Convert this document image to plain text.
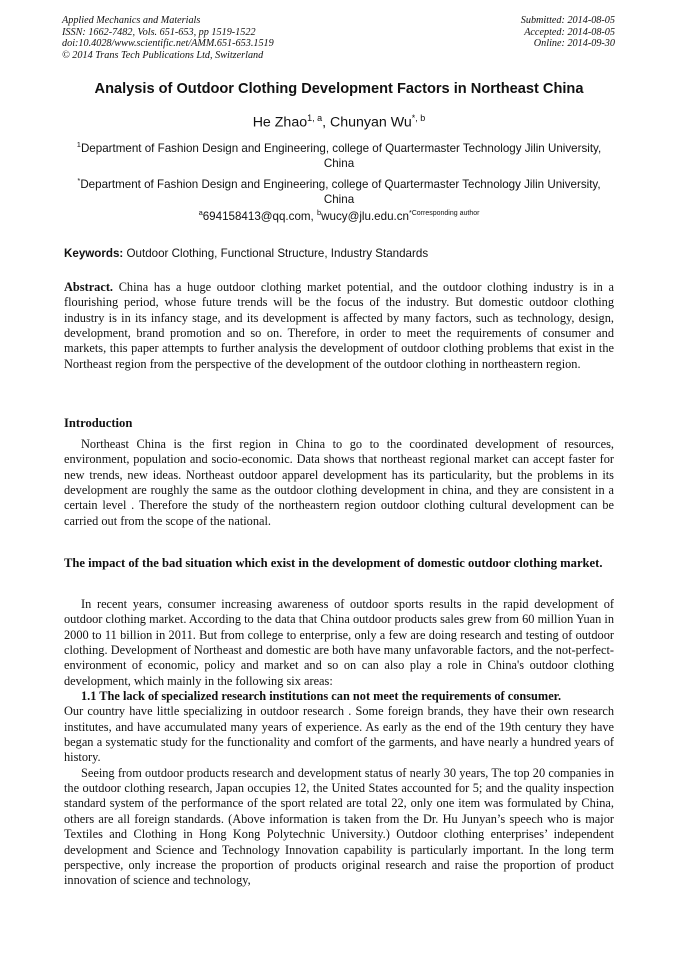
Applied Mechanics and Materials
ISSN: 1662-7482, Vols. 651-653, pp 1519-1522
doi:10.4028/www.scientific.net/AMM.651-653.1519
© 2014 Trans Tech Publications Ltd, Switzerland
Submitted: 2014-08-05
Accepted: 2014-08-05
Online: 2014-09-30
Analysis of Outdoor Clothing Development Factors in Northeast China
He Zhao$^{1, a}$, Chunyan $Wu^{*, b}$
$^1$Department of Fashion Design and Engineering, college of Quartermaster Technology Jilin University, China
*Department of Fashion Design and Engineering, college of Quartermaster Technology Jilin University, China
$^a$694158413@qq.com, $^bwucy@jlu.edu.cn^{*Corresponding author}$
Keywords: Outdoor Clothing, Functional Structure, Industry Standards

Abstract. China has a huge outdoor clothing market potential, and the outdoor clothing industry is in a flourishing period, whose future trends will be the focus of the industry. But domestic outdoor clothing industry is in its infancy stage, and its development is affected by many factors, such as technology, design, development, brand promotion and so on. Therefore, in order to meet the requirements of consumer and markets, this paper attempts to further analysis the development of outdoor clothing problems that exist in the Northeast region from the perspective of the development of the outdoor clothing in northeastern region.

Introduction

Northeast China is the first region in China to go to the coordinated development of resources, environment, population and socio-economic. Data shows that northeast regional market can accept faster for new trends, new ideas. Northeast outdoor apparel development has its particularity, but the problems in its development are roughly the same as the outdoor clothing development in china, and they are consistent in a certain level . Therefore the study of the northeastern region outdoor clothing cultural development can be carried out from the scope of the national.

The impact of the bad situation which exist in the development of domestic outdoor clothing market.

In recent years, consumer increasing awareness of outdoor sports results in the rapid development of outdoor clothing market. According to the data that China outdoor products sales grew from 60 million Yuan in 2000 to 11 billion in 2011. But from college to enterprise, only a few are doing research and testing of outdoor clothing. Development of Northeast and domestic are both have many unfavorable factors, and the not-perfect-environment of economic, policy and market and so on can also play a role in China's outdoor clothing development, which mainly in the following six areas:

1.1 The lack of specialized research institutions can not meet the requirements of consumer.

Our country have little specializing in outdoor research . Some foreign brands, they have their own research institutes, and have accumulated many years of experience. As early as the end of the 19th century they have began a systematic study for the functionality and comfort of the garments, and have nearly a hundred years of history.

Seeing from outdoor products research and development status of nearly 30 years, The top 20 companies in the outdoor clothing research, Japan occupies 12, the United States accounted for 5; and the quality inspection standard system of the performance of the sport related are total 22, only one item was formulated by China, others are all foreign standards. (Above information is taken from the Dr. Hu Junyan’s speech who is major Textiles and Clothing in Hong Kong Polytechnic University.) Outdoor clothing enterprises’ independent development and Science and Technology Innovation capability is particularly important. In the long term perspective, only increase the proportion of products original research and raise the proportion of product innovation of science and technology,
